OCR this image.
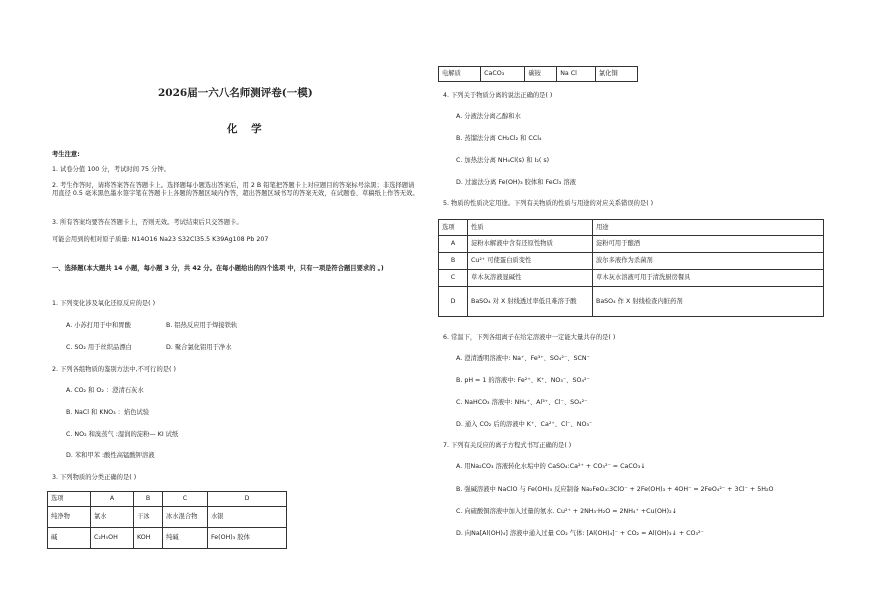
2026届一六八名师测评卷(一模)
化 学
考生注意:
1. 试卷分值 100 分，考试时间 75 分钟。
2. 考生作答时，请将答案答在答题卡上。选择题每小题选出答案后，用 2 B 铅笔把答题卡上对应题目的答案标号涂黑；非选择题请用直径 0.5 毫米黑色墨水签字笔在答题卡上各题的答题区域内作答，超出答题区域书写的答案无效，在试题卷、草稿纸上作答无效。
3. 所有答案均要答在答题卡上，否则无效。考试结束后只交答题卡。
可能会用到的相对原子质量: N14O16 Na23 S32Cl35.5 K39Ag108 Pb 207
一、选择题(本大题共 14 小题，每小题 3 分，共 42 分。在每小题给出的四个选项 中，只有一项是符合题目要求的 。)
1. 下列变化涉及氧化还原反应的是( )
A. 小苏打用于中和胃酸	B. 铝热反应用于焊接铁轨
C. SO₂ 用于丝织品漂白	D. 聚合氯化铝用于净水
2. 下列各组物质的鉴别方法中,不可行的是( )
A. CO₂ 和 O₂ ：澄清石灰水
B. NaCl 和 KNO₃ ：焰色试验
C. NO₂ 和溴蒸气 :湿润的淀粉— KI 试纸
D. 苯和甲苯 :酸性高锰酸钾溶液
3. 下列物质的分类正确的是( )
选项	A	B	C	D
纯净物	氯水	干冰	冰水混合物	水银
碱	C₂H₅OH	KOH	纯碱	Fe(OH)₃ 胶体
电解质	CaCO₃	碳铵	Na Cl	氯化铜
4. 下列关于物质分离的说法正确的是( )
A. 分液法分离乙醇和水
B. 蒸馏法分离 CH₂Cl₂ 和 CCl₄
C. 加热法分离 NH₄Cl(s) 和 I₂( s)
D. 过滤法分离 Fe(OH)₃ 胶体和 FeCl₃ 溶液
5. 物质的性质决定用途。下列有关物质的性质与用途的对应关系错误的是( )
选项	性质	用途
A	淀粉水解液中含有还原性物质	淀粉可用于酿酒
B	Cu²⁺ 可使蛋白质变性	波尔多液作为杀菌剂
C	草木灰溶液显碱性	草木灰水溶液可用于清洗厨房餐具
D	BaSO₄ 对 X 射线透过率低且难溶于酸	BaSO₄ 作 X 射线检查内脏药剂
6. 常温下，下列各组离子在给定溶液中一定能大量共存的是( )
A. 澄清透明溶液中: Na⁺、Fe³⁺、SO₄²⁻、SCN⁻
B. pH = 1 的溶液中: Fe²⁺、K⁺、NO₃⁻、SO₄²⁻
C. NaHCO₃ 溶液中: NH₄⁺、Al³⁺、Cl⁻、SO₄²⁻
D. 通入 CO₂ 后的溶液中 K⁺、Ca²⁺、Cl⁻、NO₃⁻
7. 下列有关反应的离子方程式书写正确的是( )
A. 用Na₂CO₃ 溶液转化水垢中的 CaSO₄:Ca²⁺ + CO₃²⁻ = CaCO₃↓
B. 强碱溶液中 NaClO 与 Fe(OH)₃ 反应制备 Na₂FeO₄:3ClO⁻ + 2Fe(OH)₃ + 4OH⁻ = 2FeO₄²⁻ + 3Cl⁻ + 5H₂O
C. 向硫酸铜溶液中加入过量的氨水. Cu²⁺ + 2NH₃·H₂O = 2NH₄⁺ +Cu(OH)₂↓
D. 向Na[Al(OH)₄] 溶液中通入过量 CO₂ 气体: [Al(OH)₄]⁻ + CO₂ = Al(OH)₃↓ + CO₃²⁻
